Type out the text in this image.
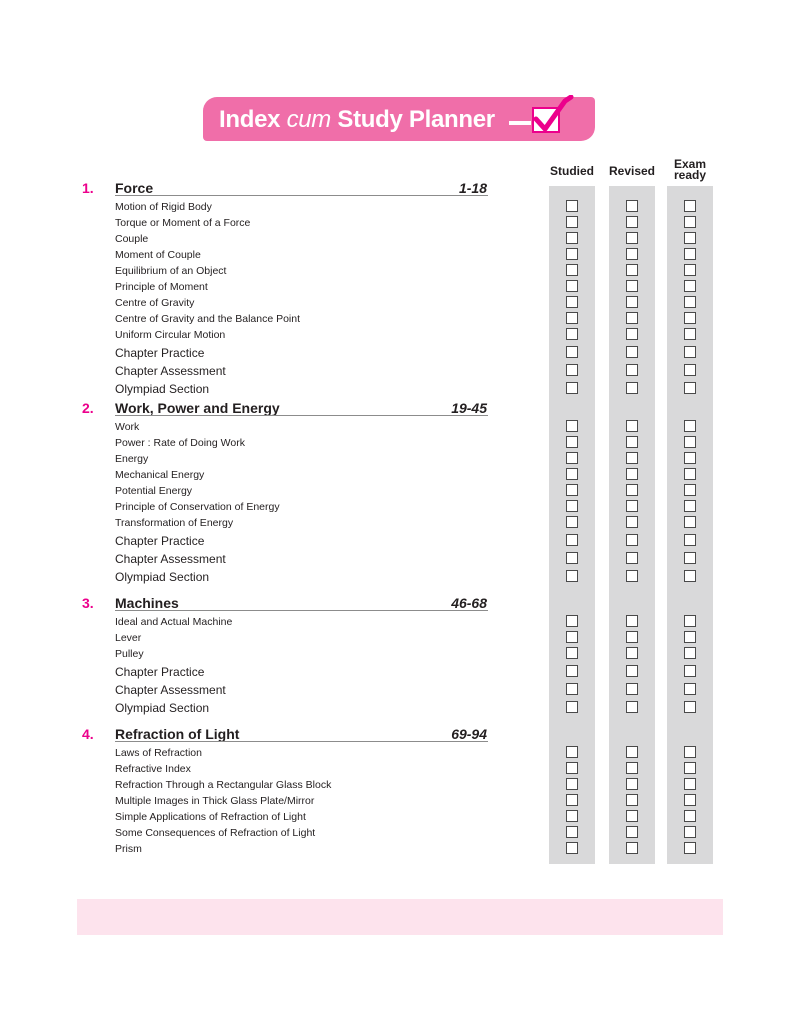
Index cum Study Planner
Studied	Revised	Exam
ready
1. Force	1-18
Motion of Rigid Body
Torque or Moment of a Force
Couple
Moment of Couple
Equilibrium of an Object
Principle of Moment
Centre of Gravity
Centre of Gravity and the Balance Point
Uniform Circular Motion
Chapter Practice
Chapter Assessment
Olympiad Section
2. Work, Power and Energy	19-45
Work
Power : Rate of Doing Work
Energy
Mechanical Energy
Potential Energy
Principle of Conservation of Energy
Transformation of Energy
Chapter Practice
Chapter Assessment
Olympiad Section
3. Machines	46-68
Ideal and Actual Machine
Lever
Pulley
Chapter Practice
Chapter Assessment
Olympiad Section
4. Refraction of Light	69-94
Laws of Refraction
Refractive Index
Refraction Through a Rectangular Glass Block
Multiple Images in Thick Glass Plate/Mirror
Simple Applications of Refraction of Light
Some Consequences of Refraction of Light
Prism
